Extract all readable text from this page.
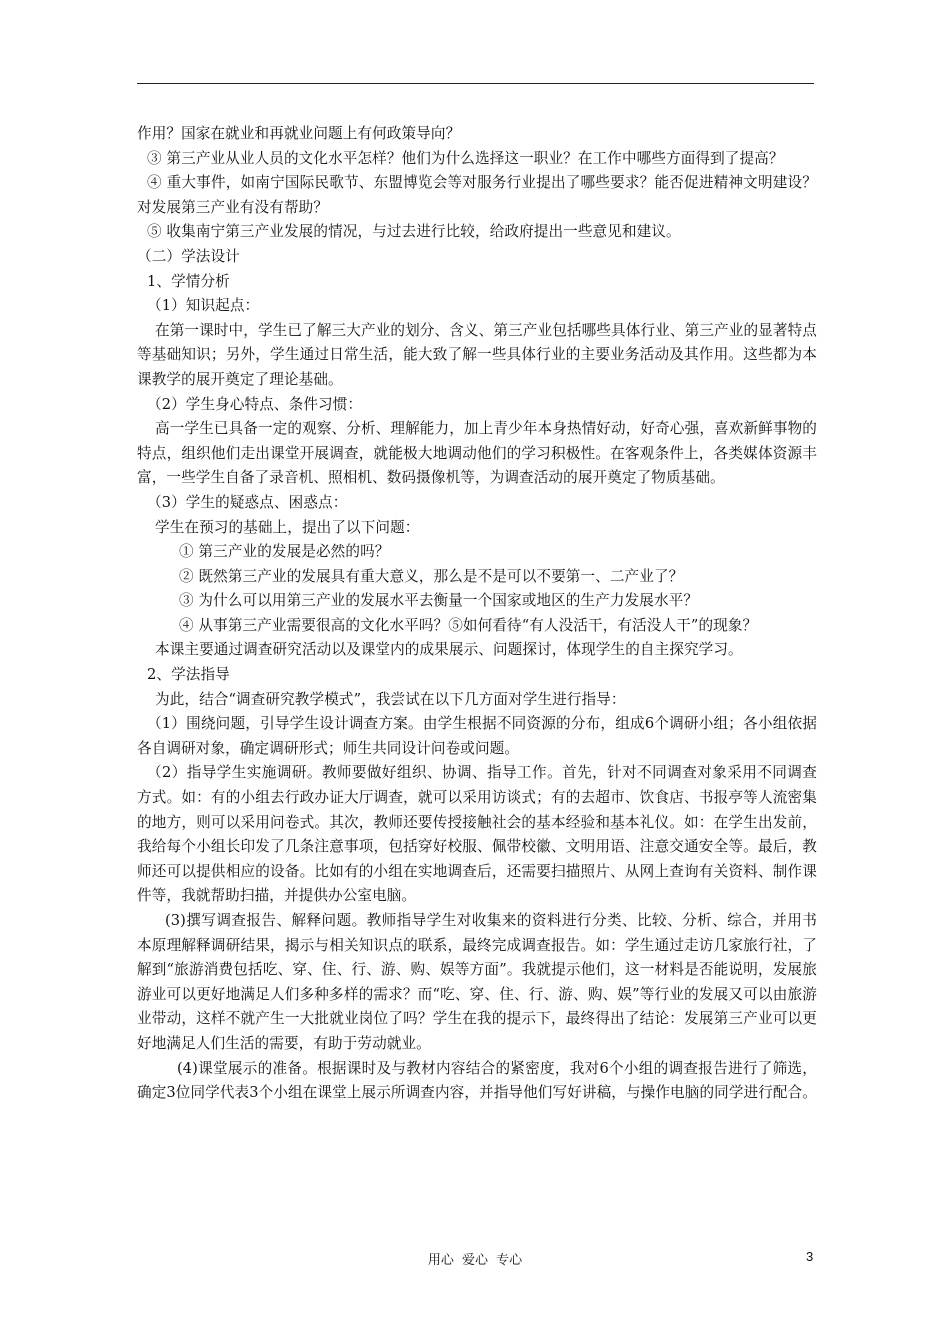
作用？国家在就业和再就业问题上有何政策导向？

③ 第三产业从业人员的文化水平怎样？他们为什么选择这一职业？在工作中哪些方面得到了提高？

④ 重大事件，如南宁国际民歌节、东盟博览会等对服务行业提出了哪些要求？能否促进精神文明建设？对发展第三产业有没有帮助？

⑤ 收集南宁第三产业发展的情况，与过去进行比较，给政府提出一些意见和建议。

（二）学法设计

1、学情分析

（1）知识起点：

在第一课时中，学生已了解三大产业的划分、含义、第三产业包括哪些具体行业、第三产业的显著特点等基础知识；另外，学生通过日常生活，能大致了解一些具体行业的主要业务活动及其作用。这些都为本课教学的展开奠定了理论基础。

（2）学生身心特点、条件习惯：

高一学生已具备一定的观察、分析、理解能力，加上青少年本身热情好动，好奇心强，喜欢新鲜事物的特点，组织他们走出课堂开展调查，就能极大地调动他们的学习积极性。在客观条件上，各类媒体资源丰富，一些学生自备了录音机、照相机、数码摄像机等，为调查活动的展开奠定了物质基础。

（3）学生的疑惑点、困惑点：

学生在预习的基础上，提出了以下问题：

① 第三产业的发展是必然的吗？

② 既然第三产业的发展具有重大意义，那么是不是可以不要第一、二产业了？

③ 为什么可以用第三产业的发展水平去衡量一个国家或地区的生产力发展水平？

④ 从事第三产业需要很高的文化水平吗？⑤如何看待“有人没活干，有活没人干”的现象？

本课主要通过调查研究活动以及课堂内的成果展示、问题探讨，体现学生的自主探究学习。

2、学法指导

为此，结合“调查研究教学模式”，我尝试在以下几方面对学生进行指导：

（1）围绕问题，引导学生设计调查方案。由学生根据不同资源的分布，组成6个调研小组；各小组依据各自调研对象，确定调研形式；师生共同设计问卷或问题。

（2）指导学生实施调研。教师要做好组织、协调、指导工作。首先，针对不同调查对象采用不同调查方式。如：有的小组去行政办证大厅调查，就可以采用访谈式；有的去超市、饮食店、书报亭等人流密集的地方，则可以采用问卷式。其次，教师还要传授接触社会的基本经验和基本礼仪。如：在学生出发前，我给每个小组长印发了几条注意事项，包括穿好校服、佩带校徽、文明用语、注意交通安全等。最后，教师还可以提供相应的设备。比如有的小组在实地调查后，还需要扫描照片、从网上查询有关资料、制作课件等，我就帮助扫描，并提供办公室电脑。

(3)撰写调查报告、解释问题。教师指导学生对收集来的资料进行分类、比较、分析、综合，并用书本原理解释调研结果，揭示与相关知识点的联系，最终完成调查报告。如：学生通过走访几家旅行社，了解到“旅游消费包括吃、穿、住、行、游、购、娱等方面”。我就提示他们，这一材料是否能说明，发展旅游业可以更好地满足人们多种多样的需求？而“吃、穿、住、行、游、购、娱”等行业的发展又可以由旅游业带动，这样不就产生一大批就业岗位了吗？学生在我的提示下，最终得出了结论：发展第三产业可以更好地满足人们生活的需要，有助于劳动就业。

(4)课堂展示的准备。根据课时及与教材内容结合的紧密度，我对6个小组的调查报告进行了筛选，确定3位同学代表3个小组在课堂上展示所调查内容，并指导他们写好讲稿，与操作电脑的同学进行配合。

用心 爱心 专心	3
